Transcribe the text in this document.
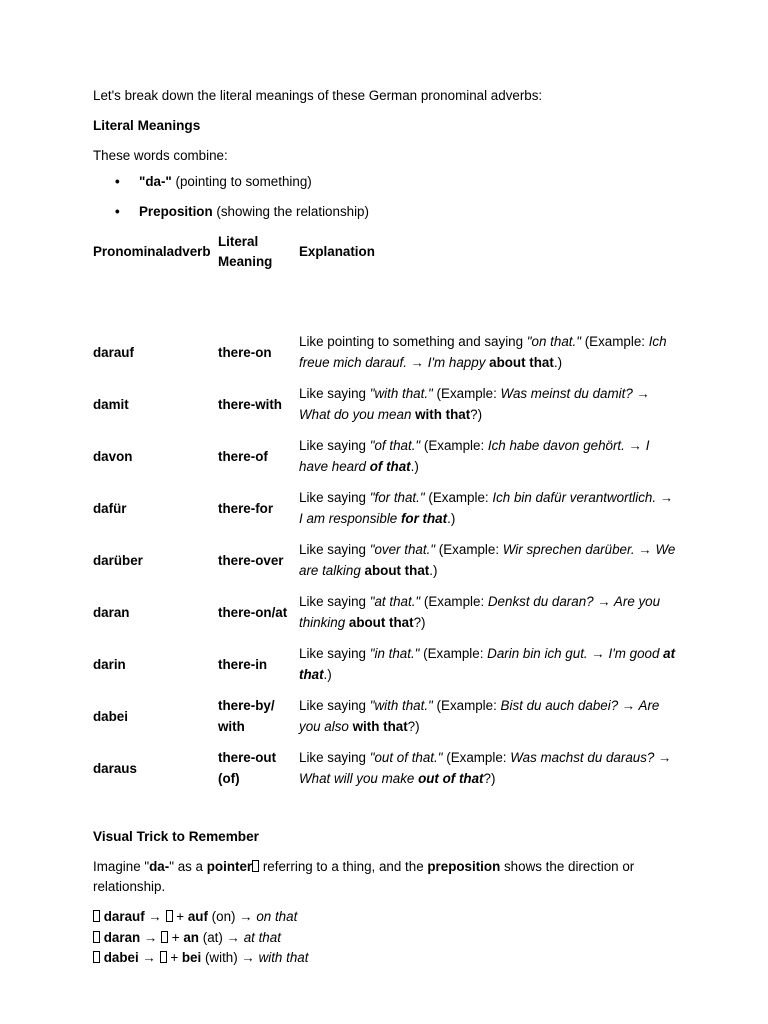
Let's break down the literal meanings of these German pronominal adverbs:

Literal Meanings

These words combine:

• "da-" (pointing to something)
• Preposition (showing the relationship)
Pronominaladverb	Literal Meaning	Explanation

darauf	there-on	Like pointing to something and saying "on that." (Example: Ich freue mich darauf. → I'm happy about that.)
damit	there-with	Like saying "with that." (Example: Was meinst du damit? → What do you mean with that?)
davon	there-of	Like saying "of that." (Example: Ich habe davon gehört. → I have heard of that.)
dafür	there-for	Like saying "for that." (Example: Ich bin dafür verantwortlich. → I am responsible for that.)
darüber	there-over	Like saying "over that." (Example: Wir sprechen darüber. → We are talking about that.)
daran	there-on/at	Like saying "at that." (Example: Denkst du daran? → Are you thinking about that?)
darin	there-in	Like saying "in that." (Example: Darin bin ich gut. → I'm good at that.)
dabei	there-by/ with	Like saying "with that." (Example: Bist du auch dabei? → Are you also with that?)
daraus	there-out (of)	Like saying "out of that." (Example: Was machst du daraus? → What will you make out of that?)

Visual Trick to Remember

Imagine "da-" as a pointer referring to a thing, and the preposition shows the direction or relationship.

darauf → + auf (on) → on that
daran → + an (at) → at that
dabei → + bei (with) → with that
